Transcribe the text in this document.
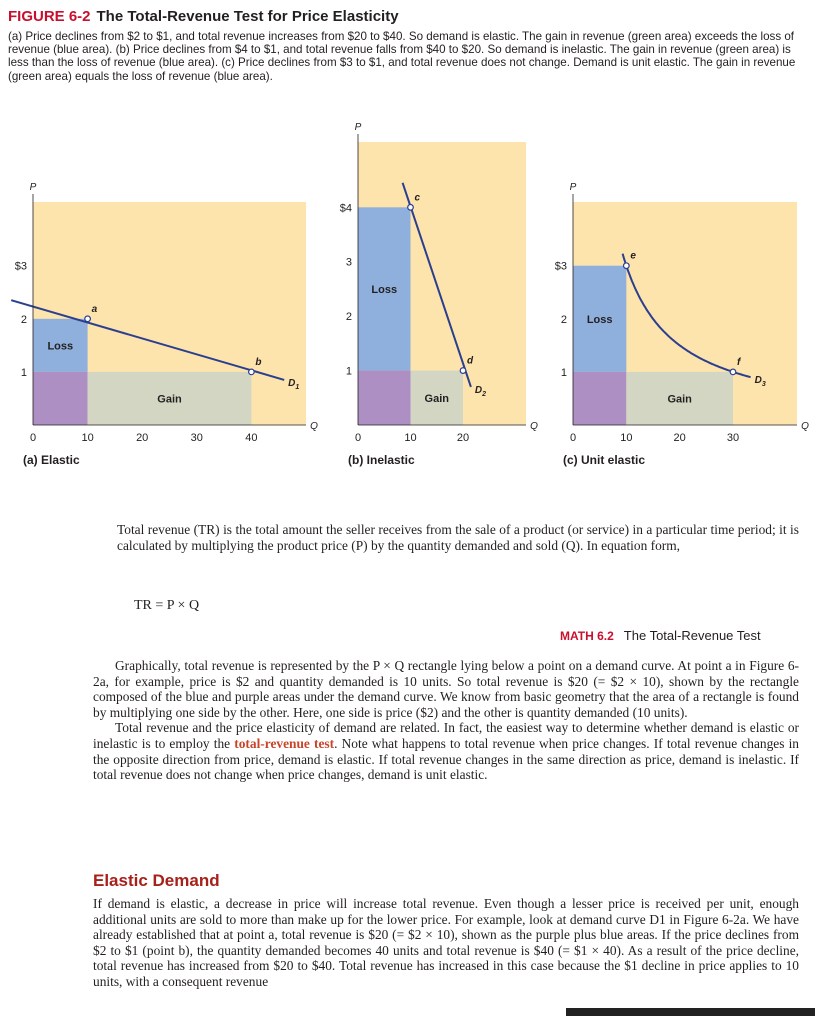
FIGURE 6-2 The Total-Revenue Test for Price Elasticity
(a) Price declines from $2 to $1, and total revenue increases from $20 to $40. So demand is elastic. The gain in revenue (green area) exceeds the loss of revenue (blue area). (b) Price declines from $4 to $1, and total revenue falls from $40 to $20. So demand is inelastic. The gain in revenue (green area) is less than the loss of revenue (blue area). (c) Price declines from $3 to $1, and total revenue does not change. Demand is unit elastic. The gain in revenue (green area) equals the loss of revenue (blue area).
Loss
Gain
$D_1$
a
b
P
Q
0	10	20	30	40
1
2
$3
(a) Elastic
Loss
Gain
$D_2$
c
d
P
Q
0	10	20
1
2
3
$4
(b) Inelastic
Loss
Gain
$D_3$
e
f
P
Q
0	10	20	30
1
2
$3
(c) Unit elastic
Total revenue (TR) is the total amount the seller receives from the sale of a product (or service) in a particular time period; it is calculated by multiplying the product price (P) by the quantity demanded and sold (Q). In equation form,
TR = P × Q
MATH 6.2 The Total-Revenue Test

Graphically, total revenue is represented by the P × Q rectangle lying below a point on a demand curve. At point a in Figure 6-2a, for example, price is $2 and quantity demanded is 10 units. So total revenue is $20 (= $2 × 10), shown by the rectangle composed of the blue and purple areas under the demand curve. We know from basic geometry that the area of a rectangle is found by multiplying one side by the other. Here, one side is price ($2) and the other is quantity demanded (10 units).

Total revenue and the price elasticity of demand are related. In fact, the easiest way to determine whether demand is elastic or inelastic is to employ the total-revenue test. Note what happens to total revenue when price changes. If total revenue changes in the opposite direction from price, demand is elastic. If total revenue changes in the same direction as price, demand is inelastic. If total revenue does not change when price changes, demand is unit elastic.

Elastic Demand

If demand is elastic, a decrease in price will increase total revenue. Even though a lesser price is received per unit, enough additional units are sold to more than make up for the lower price. For example, look at demand curve D1 in Figure 6-2a. We have already established that at point a, total revenue is $20 (= $2 × 10), shown as the purple plus blue areas. If the price declines from $2 to $1 (point b), the quantity demanded becomes 40 units and total revenue is $40 (= $1 × 40). As a result of the price decline, total revenue has increased from $20 to $40. Total revenue has increased in this case because the $1 decline in price applies to 10 units, with a consequent revenue
